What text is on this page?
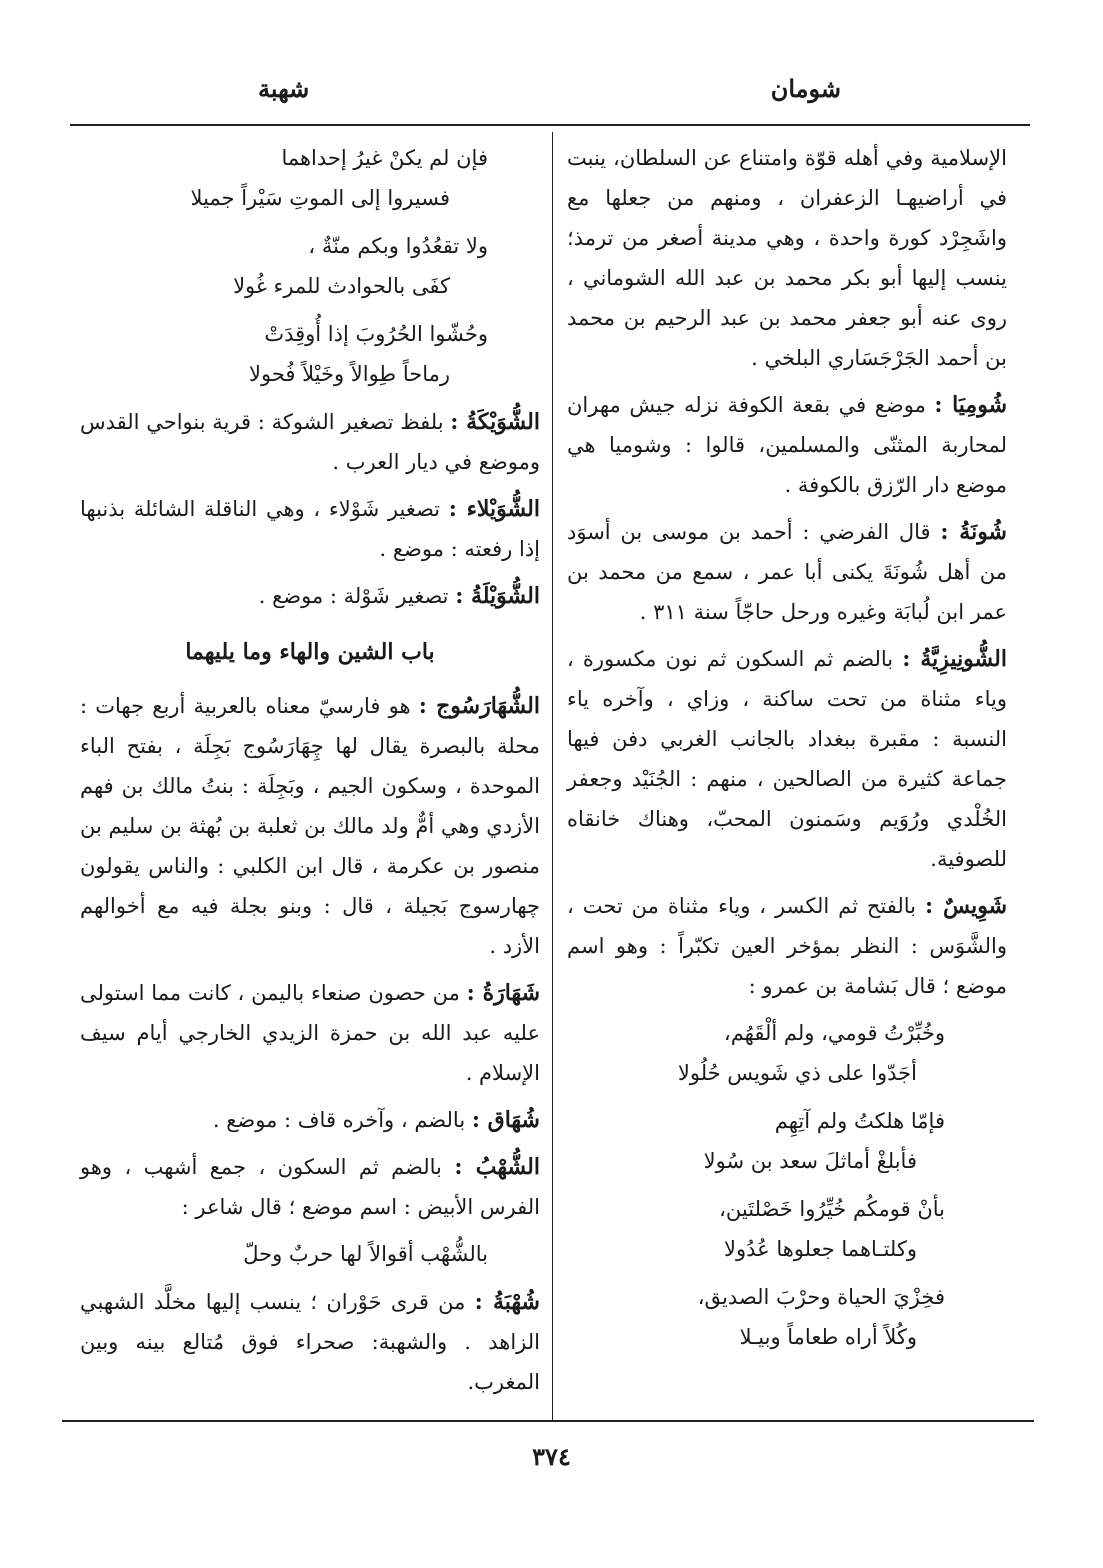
شومان
شهبة

الإسلامية وفي أهله قوّة وامتناع عن السلطان، ينبت في أراضيهـا الزعفران ، ومنهم من جعلها مع واشَجِرْد كورة واحدة ، وهي مدينة أصغر من ترمذ؛ ينسب إليها أبو بكر محمد بن عبد الله الشوماني ، روى عنه أبو جعفر محمد بن عبد الرحيم بن محمد بن أحمد الجَرْجَسَاري البلخي .

شُومِيَا : موضع في بقعة الكوفة نزله جيش مهران لمحاربة المثنّى والمسلمين، قالوا : وشوميا هي موضع دار الرّزق بالكوفة .

شُونَةُ : قال الفرضي : أحمد بن موسى بن أسوَد من أهل شُونَةَ يكنى أبا عمر ، سمع من محمد بن عمر ابن لُبابَة وغيره ورحل حاجّاً سنة ٣١١ .

الشُّونِيزِيَّةُ : بالضم ثم السكون ثم نون مكسورة ، وياء مثناة من تحت ساكنة ، وزاي ، وآخره ياء النسبة : مقبرة ببغداد بالجانب الغربي دفن فيها جماعة كثيرة من الصالحين ، منهم : الجُنَيْد وجعفر الخُلْدي ورُوَيم وسَمنون المحبّ، وهناك خانقاه للصوفية.

شَوِيسٌ : بالفتح ثم الكسر ، وياء مثناة من تحت ، والشَّوَس : النظر بمؤخر العين تكبّراً : وهو اسم موضع ؛ قال بَشامة بن عمرو :

وخُبِّرْتُ قومي، ولم ألْقَهُم،
أجَدّوا على ذي شَويس حُلُولا
فإمّا هلكتُ ولم آتِهِم
فأبلغْ أماثلَ سعد بن سُولا
بأنْ قومكُم خُيِّرُوا خَصْلتَين،
وكلتـاهما جعلوها عُدُولا
فخِزْيَ الحياة وحرْبَ الصديق،
وكُلاً أراه طعاماً وبيـلا
فإن لم يكنْ غيرُ إحداهما
فسيروا إلى الموتِ سَيْراً جميلا
ولا تقعُدُوا وبكم منّةٌ ،
كفَى بالحوادث للمرء غُولا
وحُشّوا الحُرُوبَ إذا أُوقِدَتْ
رماحاً طِوالاً وخَيْلاً فُحولا

الشُّوَيْكَةُ : بلفظ تصغير الشوكة : قرية بنواحي القدس وموضع في ديار العرب .

الشُّوَيْلاء : تصغير شَوْلاء ، وهي الناقلة الشائلة بذنبها إذا رفعته : موضع .

الشُّوَيْلَةُ : تصغير شَوْلة : موضع .

باب الشين والهاء وما يليهما

الشُّهَارَسُوج : هو فارسيّ معناه بالعربية أربع جهات : محلة بالبصرة يقال لها چِهَارَسُوج بَجِلَة ، بفتح الباء الموحدة ، وسكون الجيم ، وبَجِلَة : بنتُ مالك بن فهم الأزدي وهي أمٌّ ولد مالك بن ثعلبة بن بُهثة بن سليم بن منصور بن عكرمة ، قال ابن الكلبي : والناس يقولون چهارسوج بَجيلة ، قال : وبنو بجلة فيه مع أخوالهم الأزد .

شَهَارَةُ : من حصون صنعاء باليمن ، كانت مما استولى عليه عبد الله بن حمزة الزيدي الخارجي أيام سيف الإسلام .

شُهَاق : بالضم ، وآخره قاف : موضع .

الشُّهْبُ : بالضم ثم السكون ، جمع أشهب ، وهو الفرس الأبيض : اسم موضع ؛ قال شاعر :

بالشُّهْب أقوالاً لها حربٌ وحلّ

شُهْبَةُ : من قرى حَوْران ؛ ينسب إليها مخلَّد الشهبي الزاهد . والشهبة: صحراء فوق مُتالع بينه وبين المغرب.

٣٧٤
